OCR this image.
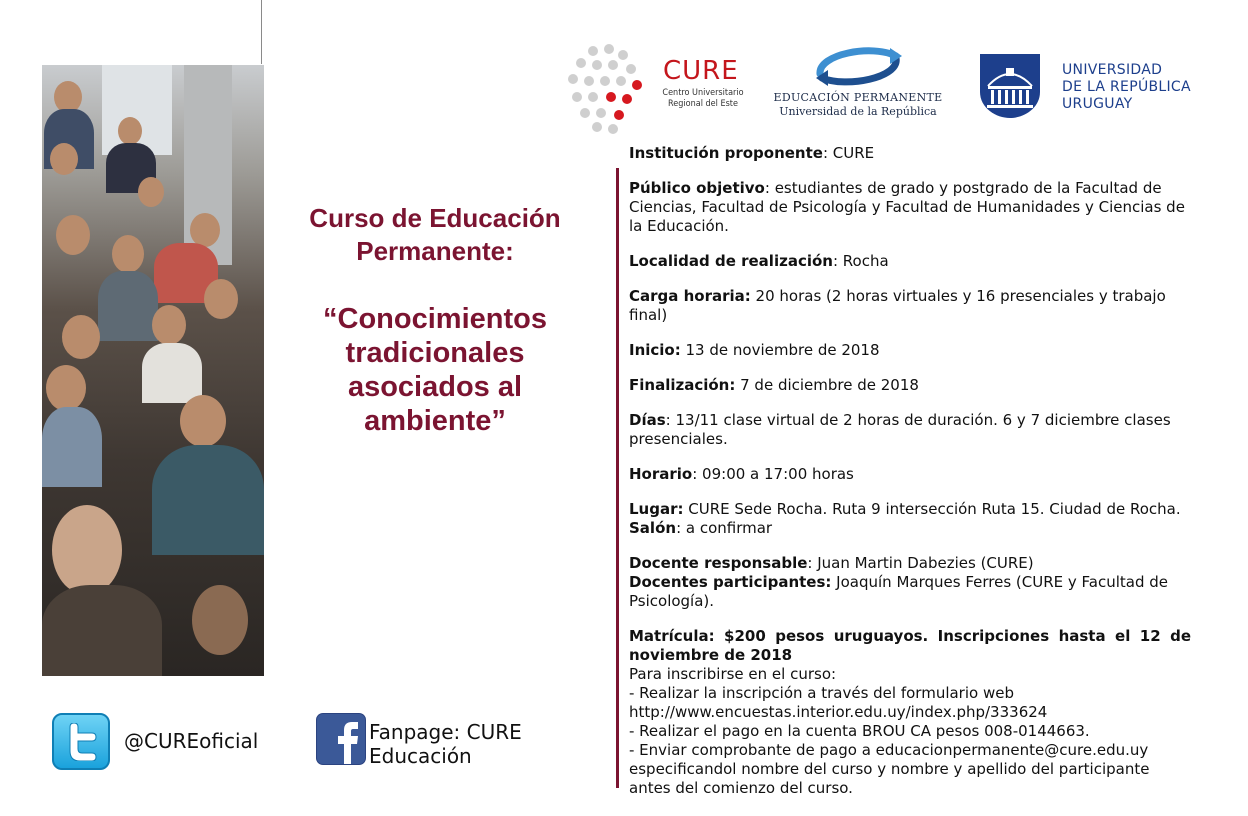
CURE
Centro Universitario
Regional del Este	EDUCACIÓN PERMANENTE
Universidad de la República
UNIVERSIDAD
DE LA REPÚBLICA
URUGUAY
Curso de Educación
Permanente:
“Conocimientos
tradicionales
asociados al
ambiente”

Institución proponente: CURE

Público objetivo: estudiantes de grado y postgrado de la Facultad de Ciencias, Facultad de Psicología y Facultad de Humanidades y Ciencias de la Educación.

Localidad de realización: Rocha

Carga horaria: 20 horas (2 horas virtuales y 16 presenciales y trabajo final)

Inicio: 13 de noviembre de 2018

Finalización: 7 de diciembre de 2018

Días: 13/11 clase virtual de 2 horas de duración. 6 y 7 diciembre clases presenciales.

Horario: 09:00 a 17:00 horas

Lugar: CURE Sede Rocha. Ruta 9 intersección Ruta 15. Ciudad de Rocha. Salón: a confirmar

Docente responsable: Juan Martin Dabezies (CURE)

Docentes participantes: Joaquín Marques Ferres (CURE y Facultad de Psicología).

Matrícula: $200 pesos uruguayos. Inscripciones hasta el 12 de noviembre de 2018

Para inscribirse en el curso:
- Realizar la inscripción a través del formulario web
http://www.encuestas.interior.edu.uy/index.php/333624
- Realizar el pago en la cuenta BROU CA pesos 008-0144663.
- Enviar comprobante de pago a educacionpermanente@cure.edu.uy
especificandol nombre del curso y nombre y apellido del participante
antes del comienzo del curso.
@CUREoficial	Fanpage: CURE Educación
